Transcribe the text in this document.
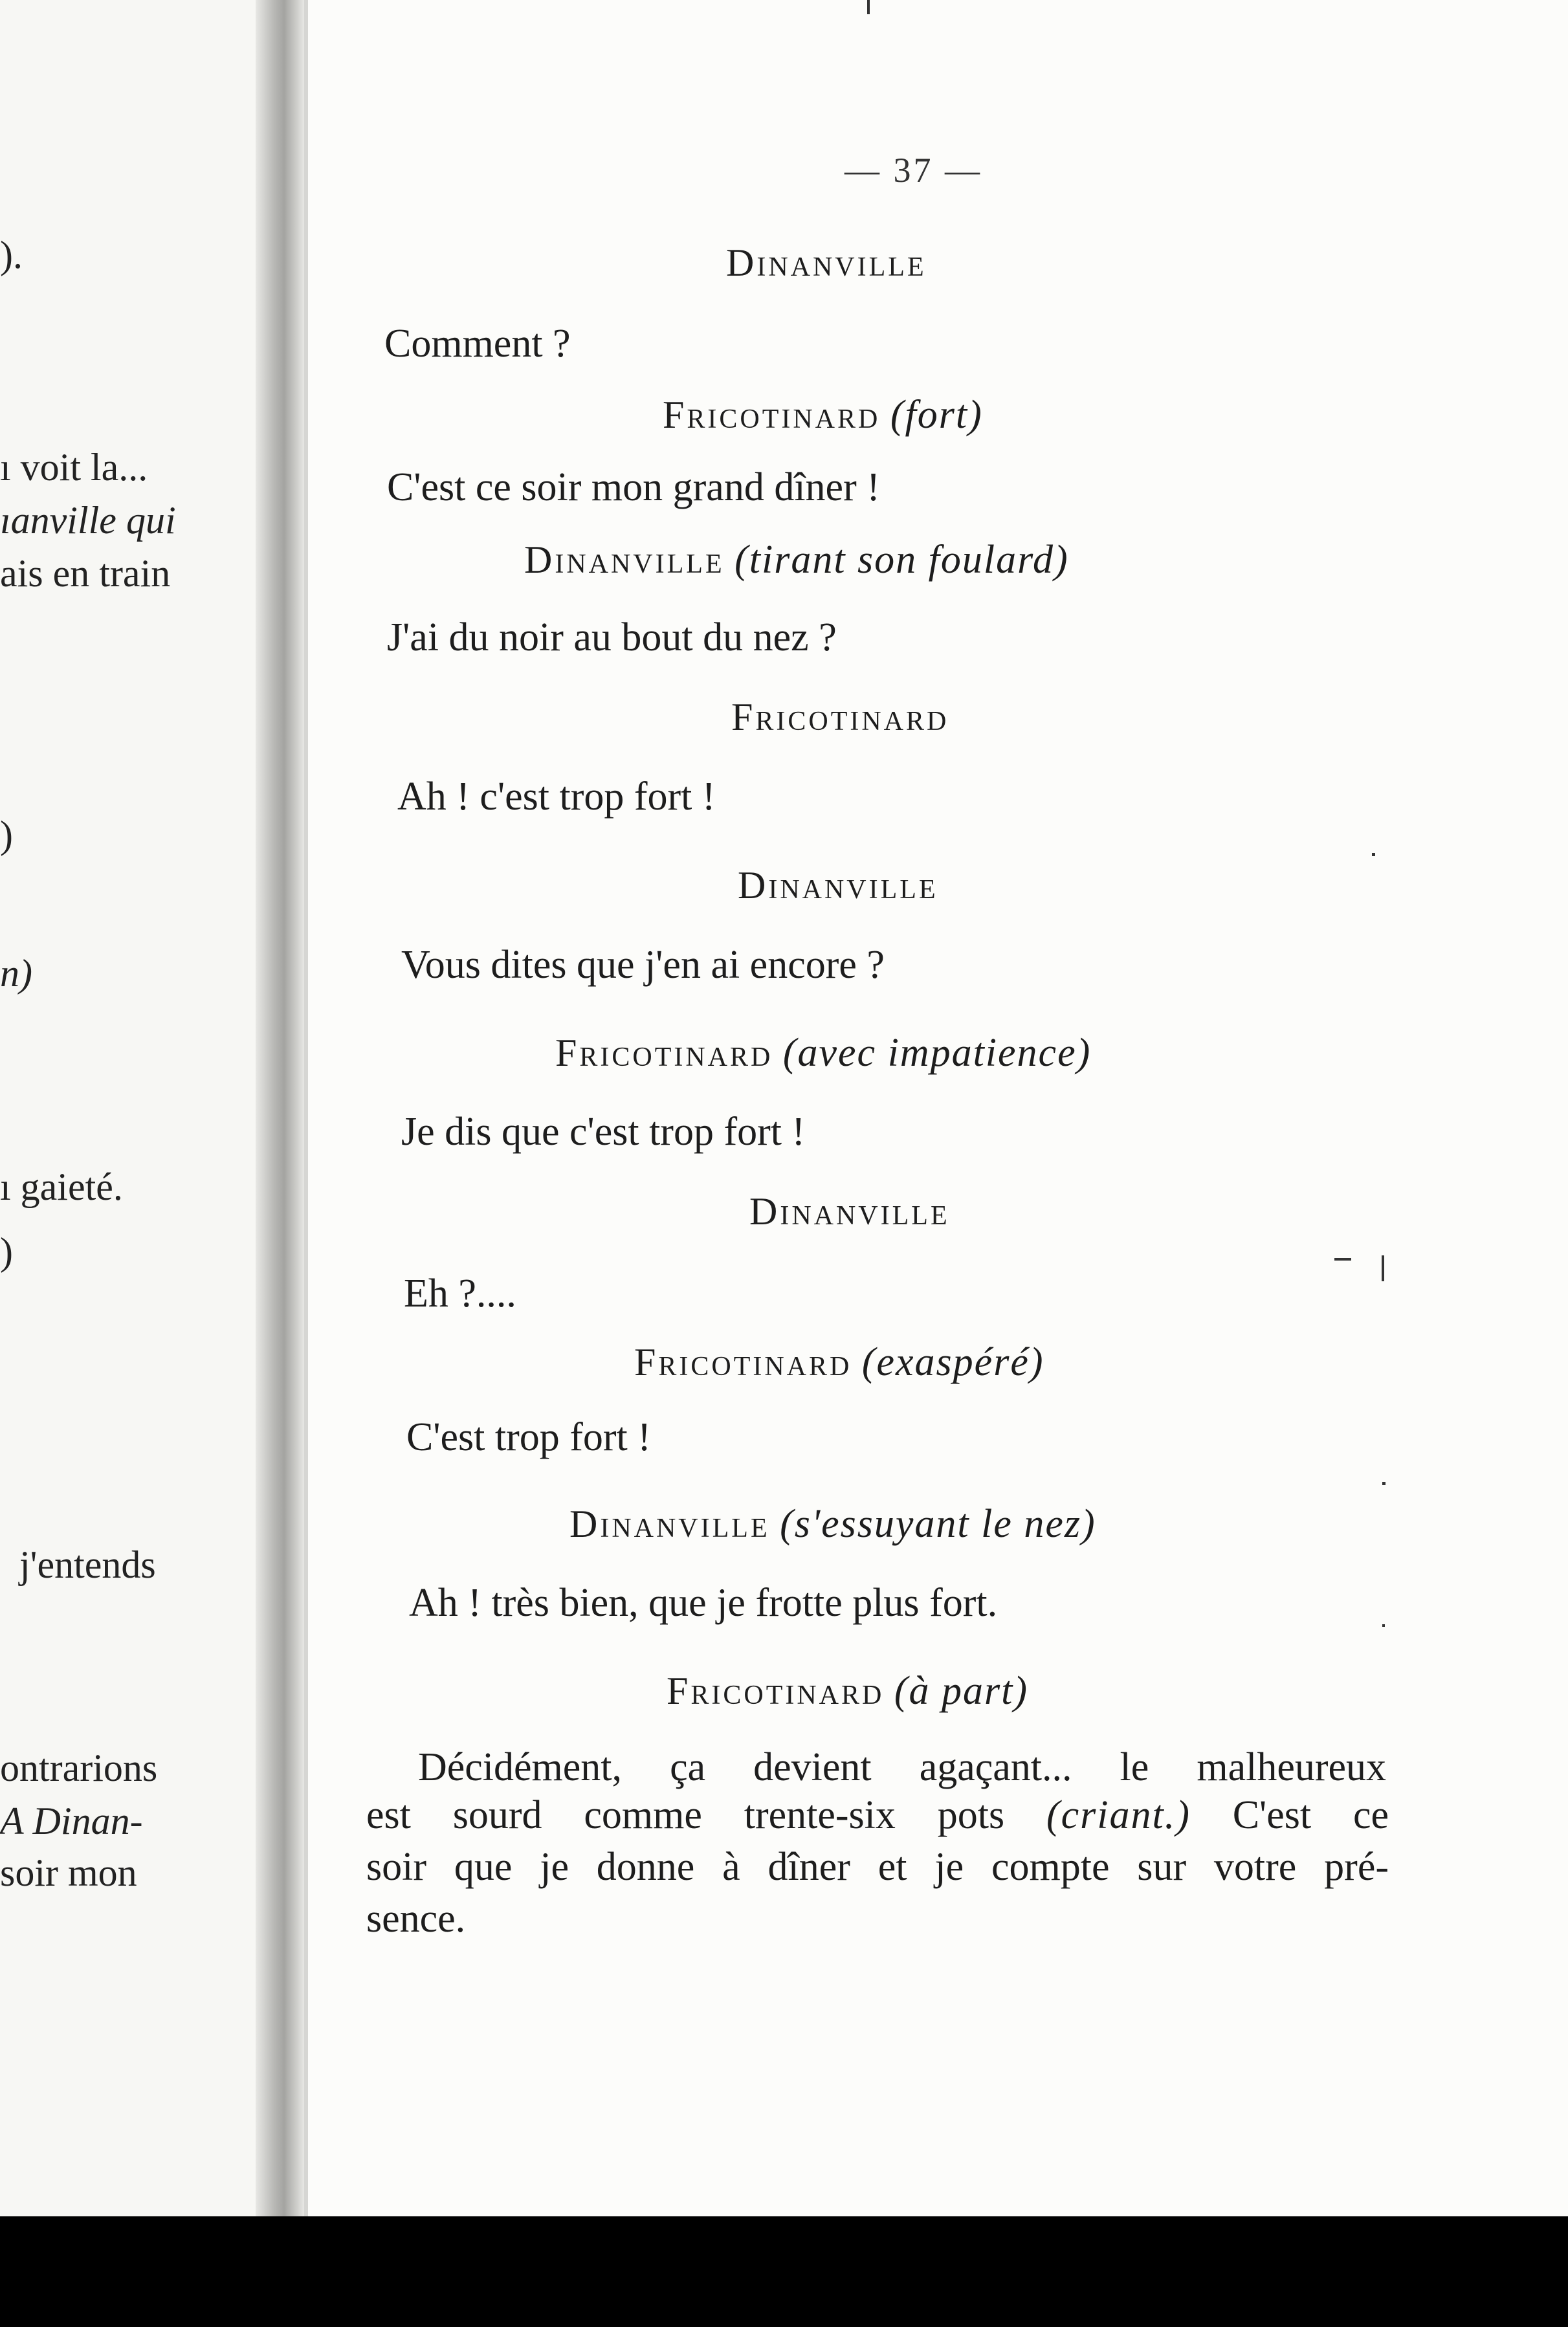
).
ı voit la...
ıanville qui
ais en train
)
n)
ı gaieté.
)
j'entends
ontrarions
A Dinan-
soir mon
— 37 —
Dinanville
Comment ?
Fricotinard (fort)
C'est ce soir mon grand dîner !
Dinanville (tirant son foulard)
J'ai du noir au bout du nez ?
Fricotinard
Ah ! c'est trop fort !
Dinanville
Vous dites que j'en ai encore ?
Fricotinard (avec impatience)
Je dis que c'est trop fort !
Dinanville
Eh ?....
Fricotinard (exaspéré)
C'est trop fort !
Dinanville (s'essuyant le nez)
Ah ! très bien, que je frotte plus fort.
Fricotinard (à part)
Décidément, ça devient agaçant... le malheureux
est sourd comme trente-six pots (criant.) C'est ce
soir que je donne à dîner et je compte sur votre pré-
sence.
